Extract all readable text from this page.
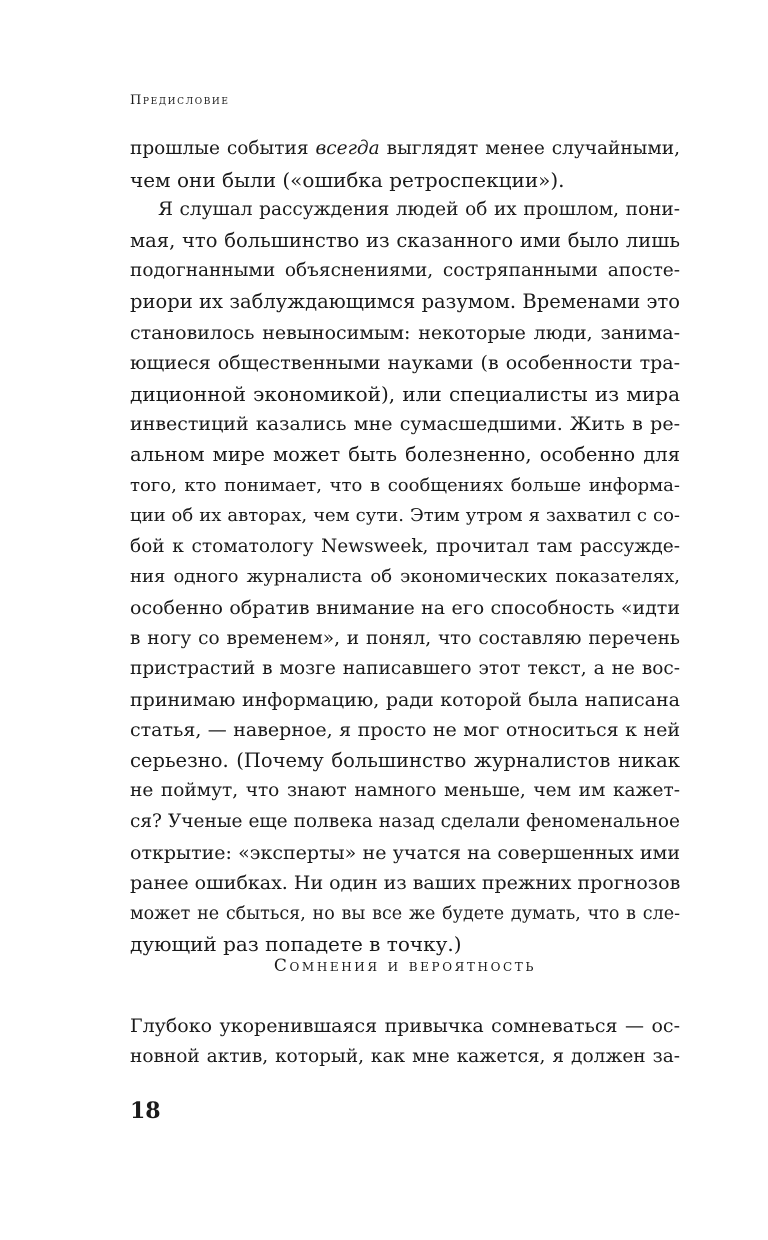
Предисловие
прошлые события всегда выглядят менее случайными,
чем они были («ошибка ретроспекции»).
Я слушал рассуждения людей об их прошлом, пони-
мая, что большинство из сказанного ими было лишь
подогнанными объяснениями, состряпанными апосте-
риори их заблуждающимся разумом. Временами это
становилось невыносимым: некоторые люди, занима-
ющиеся общественными науками (в особенности тра-
диционной экономикой), или специалисты из мира
инвестиций казались мне сумасшедшими. Жить в ре-
альном мире может быть болезненно, особенно для
того, кто понимает, что в сообщениях больше информа-
ции об их авторах, чем сути. Этим утром я захватил с со-
бой к стоматологу Newsweek, прочитал там рассужде-
ния одного журналиста об экономических показателях,
особенно обратив внимание на его способность «идти
в ногу со временем», и понял, что составляю перечень
пристрастий в мозге написавшего этот текст, а не вос-
принимаю информацию, ради которой была написана
статья, — наверное, я просто не мог относиться к ней
серьезно. (Почему большинство журналистов никак
не поймут, что знают намного меньше, чем им кажет-
ся? Ученые еще полвека назад сделали феноменальное
открытие: «эксперты» не учатся на совершенных ими
ранее ошибках. Ни один из ваших прежних прогнозов
может не сбыться, но вы все же будете думать, что в сле-
дующий раз попадете в точку.)
Сомнения и вероятность
Глубоко укоренившаяся привычка сомневаться — ос-
новной актив, который, как мне кажется, я должен за-
18
